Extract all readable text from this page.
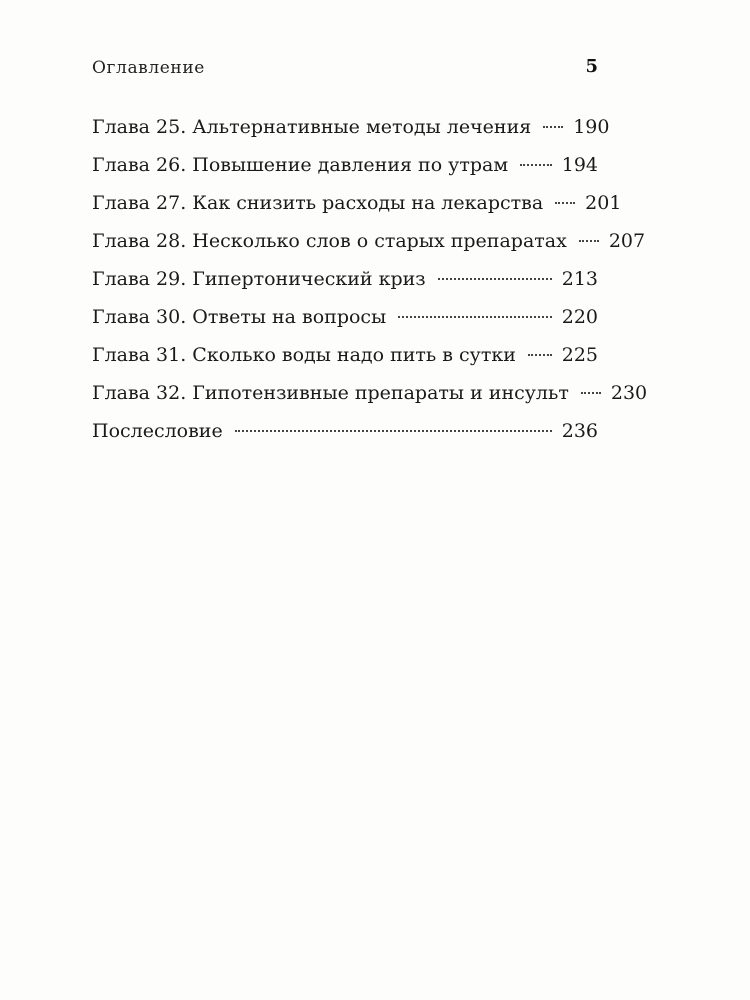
Оглавление	5
Глава 25. Альтернативные методы лечения 190
Глава 26. Повышение давления по утрам	194
Глава 27. Как снизить расходы на лекарства 201
Глава 28. Несколько слов о старых препаратах 207
Глава 29. Гипертонический криз	213
Глава 30. Ответы на вопросы	220
Глава 31. Сколько воды надо пить в сутки 225
Глава 32. Гипотензивные препараты и инсульт 230
Послесловие	236
